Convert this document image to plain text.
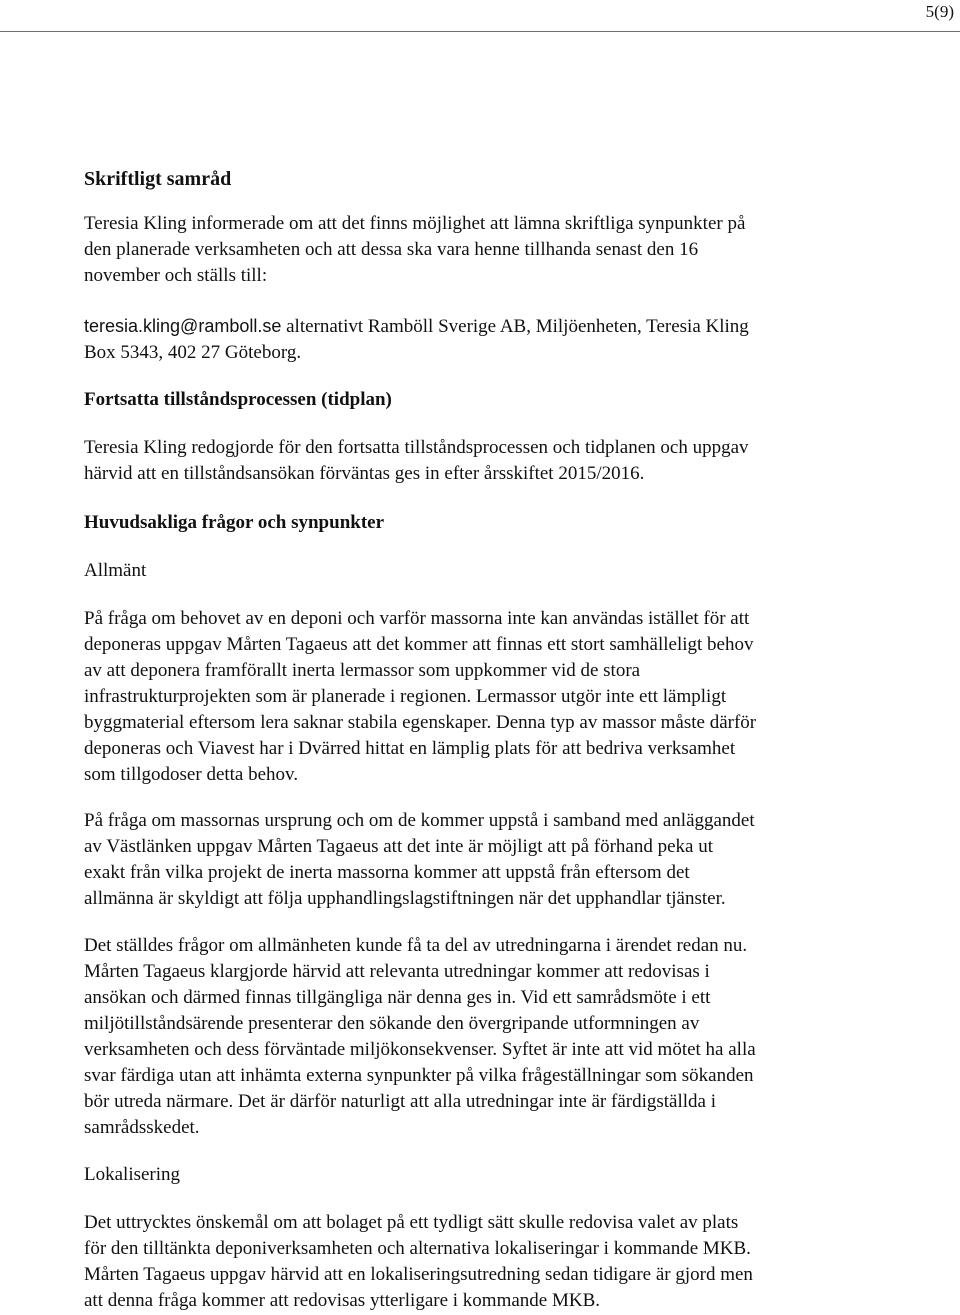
5(9)
Skriftligt samråd
Teresia Kling informerade om att det finns möjlighet att lämna skriftliga synpunkter på
den planerade verksamheten och att dessa ska vara henne tillhanda senast den 16
november och ställs till:
teresia.kling@ramboll.se alternativt Ramböll Sverige AB, Miljöenheten, Teresia Kling
Box 5343, 402 27 Göteborg.
Fortsatta tillståndsprocessen (tidplan)
Teresia Kling redogjorde för den fortsatta tillståndsprocessen och tidplanen och uppgav
härvid att en tillståndsansökan förväntas ges in efter årsskiftet 2015/2016.
Huvudsakliga frågor och synpunkter
Allmänt
På fråga om behovet av en deponi och varför massorna inte kan användas istället för att
deponeras uppgav Mårten Tagaeus att det kommer att finnas ett stort samhälleligt behov
av att deponera framförallt inerta lermassor som uppkommer vid de stora
infrastrukturprojekten som är planerade i regionen. Lermassor utgör inte ett lämpligt
byggmaterial eftersom lera saknar stabila egenskaper. Denna typ av massor måste därför
deponeras och Viavest har i Dvärred hittat en lämplig plats för att bedriva verksamhet
som tillgodoser detta behov.
På fråga om massornas ursprung och om de kommer uppstå i samband med anläggandet
av Västlänken uppgav Mårten Tagaeus att det inte är möjligt att på förhand peka ut
exakt från vilka projekt de inerta massorna kommer att uppstå från eftersom det
allmänna är skyldigt att följa upphandlingslagstiftningen när det upphandlar tjänster.
Det ställdes frågor om allmänheten kunde få ta del av utredningarna i ärendet redan nu.
Mårten Tagaeus klargjorde härvid att relevanta utredningar kommer att redovisas i
ansökan och därmed finnas tillgängliga när denna ges in. Vid ett samrådsmöte i ett
miljötillståndsärende presenterar den sökande den övergripande utformningen av
verksamheten och dess förväntade miljökonsekvenser. Syftet är inte att vid mötet ha alla
svar färdiga utan att inhämta externa synpunkter på vilka frågeställningar som sökanden
bör utreda närmare. Det är därför naturligt att alla utredningar inte är färdigställda i
samrådsskedet.
Lokalisering
Det uttrycktes önskemål om att bolaget på ett tydligt sätt skulle redovisa valet av plats
för den tilltänkta deponiverksamheten och alternativa lokaliseringar i kommande MKB.
Mårten Tagaeus uppgav härvid att en lokaliseringsutredning sedan tidigare är gjord men
att denna fråga kommer att redovisas ytterligare i kommande MKB.
